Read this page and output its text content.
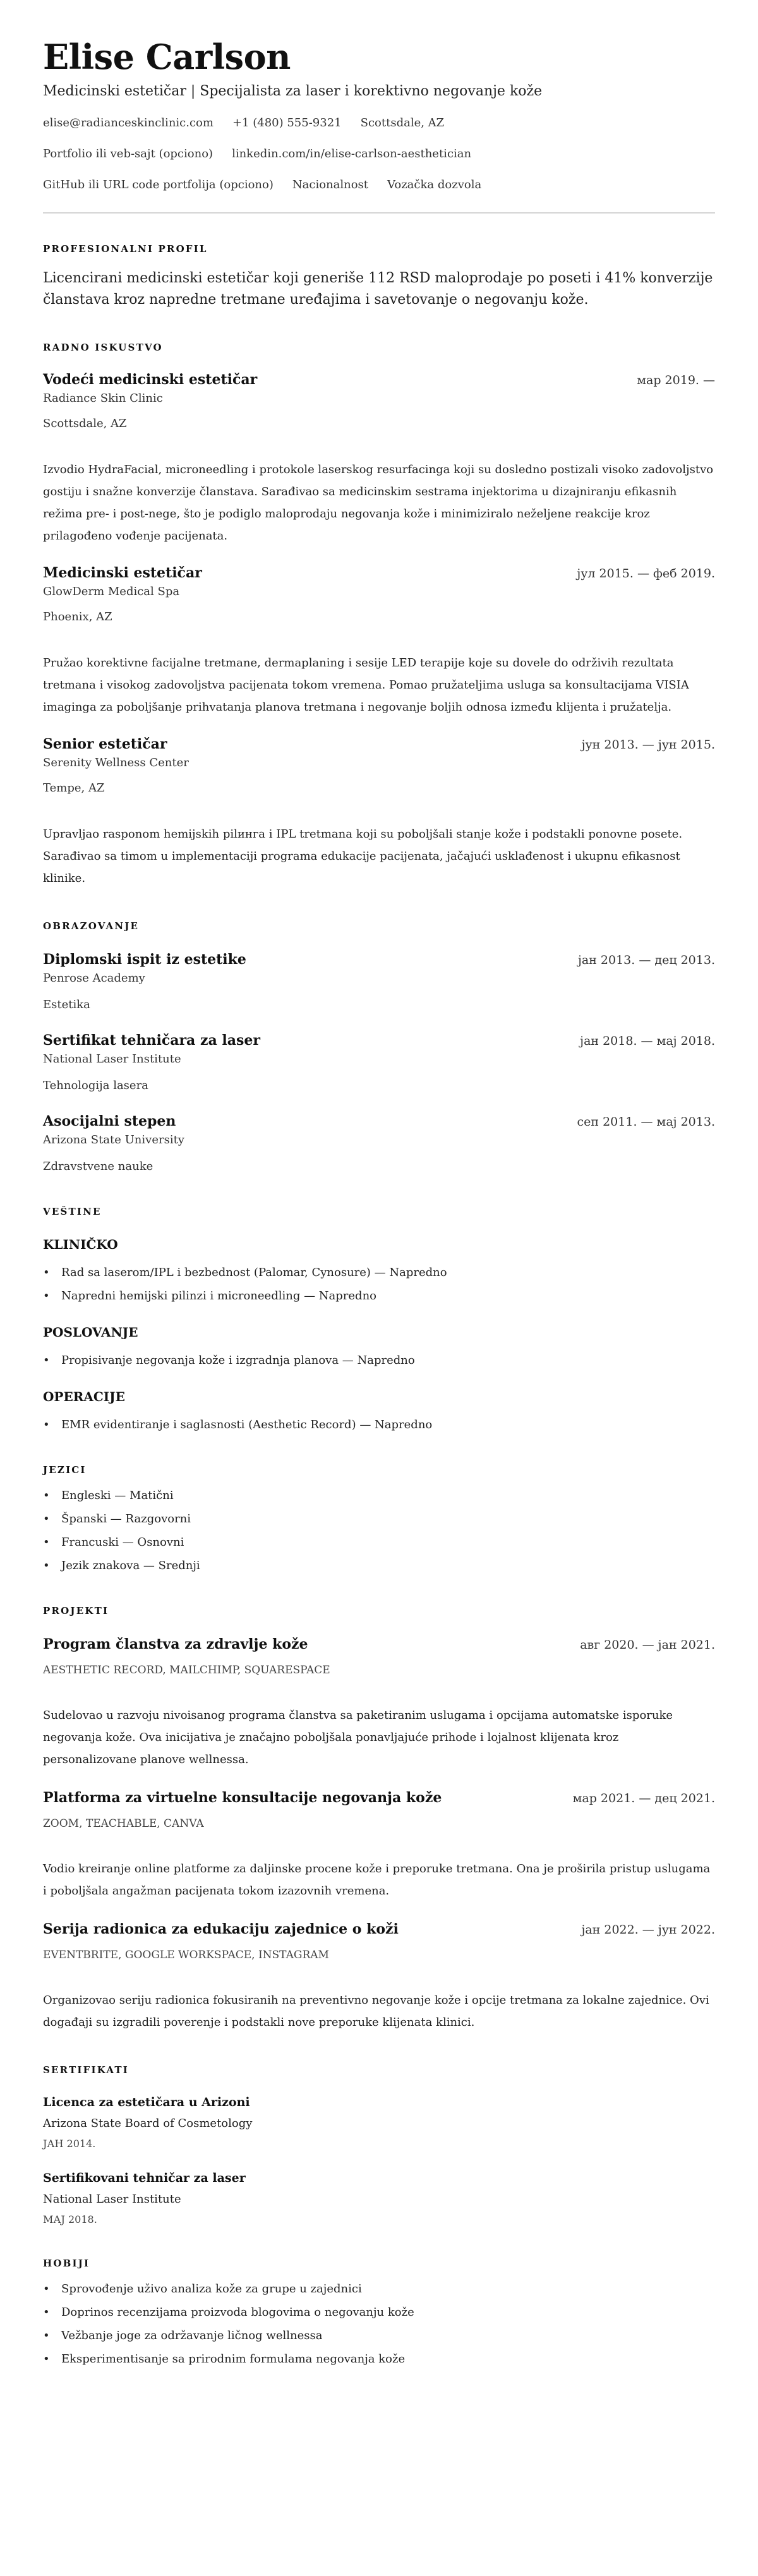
Elise Carlson
Medicinski estetičar | Specijalista za laser i korektivno negovanje kože
elise@radianceskinclinic.com +1 (480) 555-9321 Scottsdale, AZ
Portfolio ili veb-sajt (opciono) linkedin.com/in/elise-carlson-aesthetician
GitHub ili URL code portfolija (opciono) Nacionalnost Vozačka dozvola
PROFESIONALNI PROFIL

Licencirani medicinski estetičar koji generiše 112 RSD maloprodaje po poseti i 41% konverzije članstava kroz napredne tretmane uređajima i savetovanje o negovanju kože.

RADNO ISKUSTVO
Vodeći medicinski estetičar	мар 2019. —
Radiance Skin Clinic
Scottsdale, AZ

Izvodio HydraFacial, microneedling i protokole laserskog resurfacinga koji su dosledno postizali visoko zadovoljstvo gostiju i snažne konverzije članstava. Sarađivao sa medicinskim sestrama injektorima u dizajniranju efikasnih režima pre- i post-nege, što je podiglo maloprodaju negovanja kože i minimiziralo neželjene reakcije kroz prilagođeno vođenje pacijenata.

Medicinski estetičar	јул 2015. — феб 2019.
GlowDerm Medical Spa
Phoenix, AZ

Pružao korektivne facijalne tretmane, dermaplaning i sesije LED terapije koje su dovele do održivih rezultata tretmana i visokog zadovoljstva pacijenata tokom vremena. Pomao pružateljima usluga sa konsultacijama VISIA imaginga za poboljšanje prihvatanja planova tretmana i negovanje boljih odnosa između klijenta i pružatelja.

Senior estetičar	јун 2013. — јун 2015.
Serenity Wellness Center
Tempe, AZ

Upravljao rasponom hemijskih pilинга i IPL tretmana koji su poboljšali stanje kože i podstakli ponovne posete. Sarađivao sa timom u implementaciji programa edukacije pacijenata, jačajući usklađenost i ukupnu efikasnost klinike.

OBRAZOVANJE
Diplomski ispit iz estetike	јан 2013. — дец 2013.
Penrose Academy
Estetika
Sertifikat tehničara za laser	јан 2018. — мај 2018.
National Laser Institute
Tehnologija lasera
Asocijalni stepen	сеп 2011. — мај 2013.
Arizona State University
Zdravstvene nauke
VEŠTINE
KLINIČKO
• Rad sa laserom/IPL i bezbednost (Palomar, Cynosure) — Napredno
• Napredni hemijski pilinzi i microneedling — Napredno
POSLOVANJE
• Propisivanje negovanja kože i izgradnja planova — Napredno
OPERACIJE
• EMR evidentiranje i saglasnosti (Aesthetic Record) — Napredno
JEZICI
• Engleski — Matični
• Španski — Razgovorni
• Francuski — Osnovni
• Jezik znakova — Srednji
PROJEKTI
Program članstva za zdravlje kože	авг 2020. — јан 2021.
AESTHETIC RECORD, MAILCHIMP, SQUARESPACE

Sudelovao u razvoju nivoisanog programa članstva sa paketiranim uslugama i opcijama automatske isporuke negovanja kože. Ova inicijativa je značajno poboljšala ponavljajuće prihode i lojalnost klijenata kroz personalizovane planove wellnessa.

Platforma za virtuelne konsultacije negovanja kože	мар 2021. — дец 2021.
ZOOM, TEACHABLE, CANVA

Vodio kreiranje online platforme za daljinske procene kože i preporuke tretmana. Ona je proširila pristup uslugama i poboljšala angažman pacijenata tokom izazovnih vremena.

Serija radionica za edukaciju zajednice o koži	јан 2022. — јун 2022.
EVENTBRITE, GOOGLE WORKSPACE, INSTAGRAM

Organizovao seriju radionica fokusiranih na preventivno negovanje kože i opcije tretmana za lokalne zajednice. Ovi događaji su izgradili poverenje i podstakli nove preporuke klijenata klinici.

SERTIFIKATI
Licenca za estetičara u Arizoni
Arizona State Board of Cosmetology
ЈАН 2014.
Sertifikovani tehničar za laser
National Laser Institute
МАЈ 2018.
HOBIJI
• Sprovođenje uživo analiza kože za grupe u zajednici
• Doprinos recenzijama proizvoda blogovima o negovanju kože
• Vežbanje joge za održavanje ličnog wellnessa
• Eksperimentisanje sa prirodnim formulama negovanja kože
